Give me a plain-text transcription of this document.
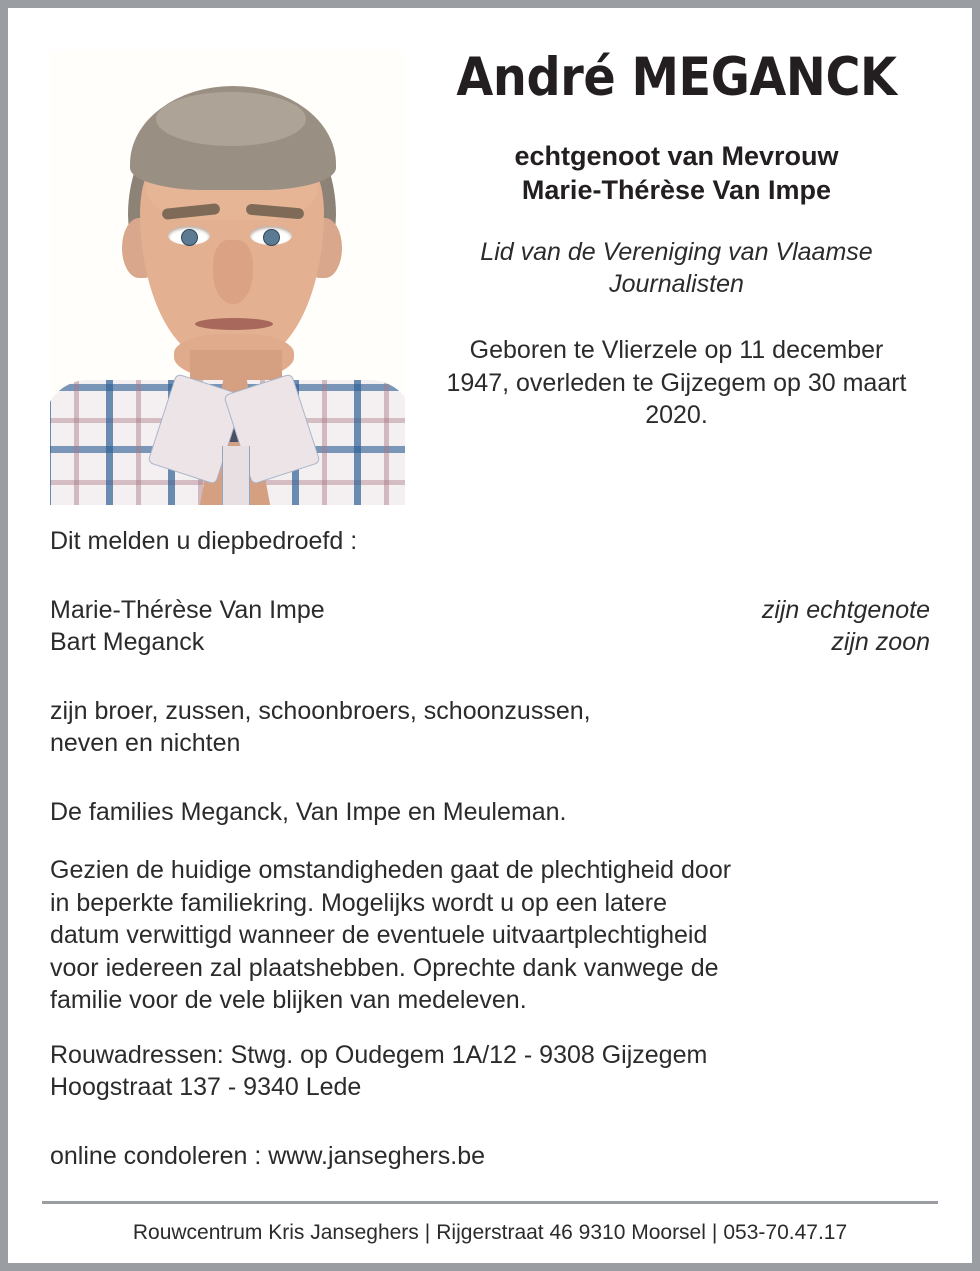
André MEGANCK
echtgenoot van Mevrouw
Marie-Thérèse Van Impe
Lid van de Vereniging van Vlaamse Journalisten
Geboren te Vlierzele op 11 december 1947, overleden te Gijzegem op 30 maart 2020.

Dit melden u diepbedroefd :

Marie-Thérèse Van Impe	zijn echtgenote
Bart Meganck	zijn zoon
zijn broer, zussen, schoonbroers, schoonzussen,
neven en nichten
De families Meganck, Van Impe en Meuleman.
Gezien de huidige omstandigheden gaat de plechtigheid door
in beperkte familiekring. Mogelijks wordt u op een latere
datum verwittigd wanneer de eventuele uitvaartplechtigheid
voor iedereen zal plaatshebben. Oprechte dank vanwege de
familie voor de vele blijken van medeleven.
Rouwadressen: Stwg. op Oudegem 1A/12 - 9308 Gijzegem
Hoogstraat 137 - 9340 Lede
online condoleren : www.janseghers.be
Rouwcentrum Kris Janseghers | Rijgerstraat 46 9310 Moorsel | 053-70.47.17
